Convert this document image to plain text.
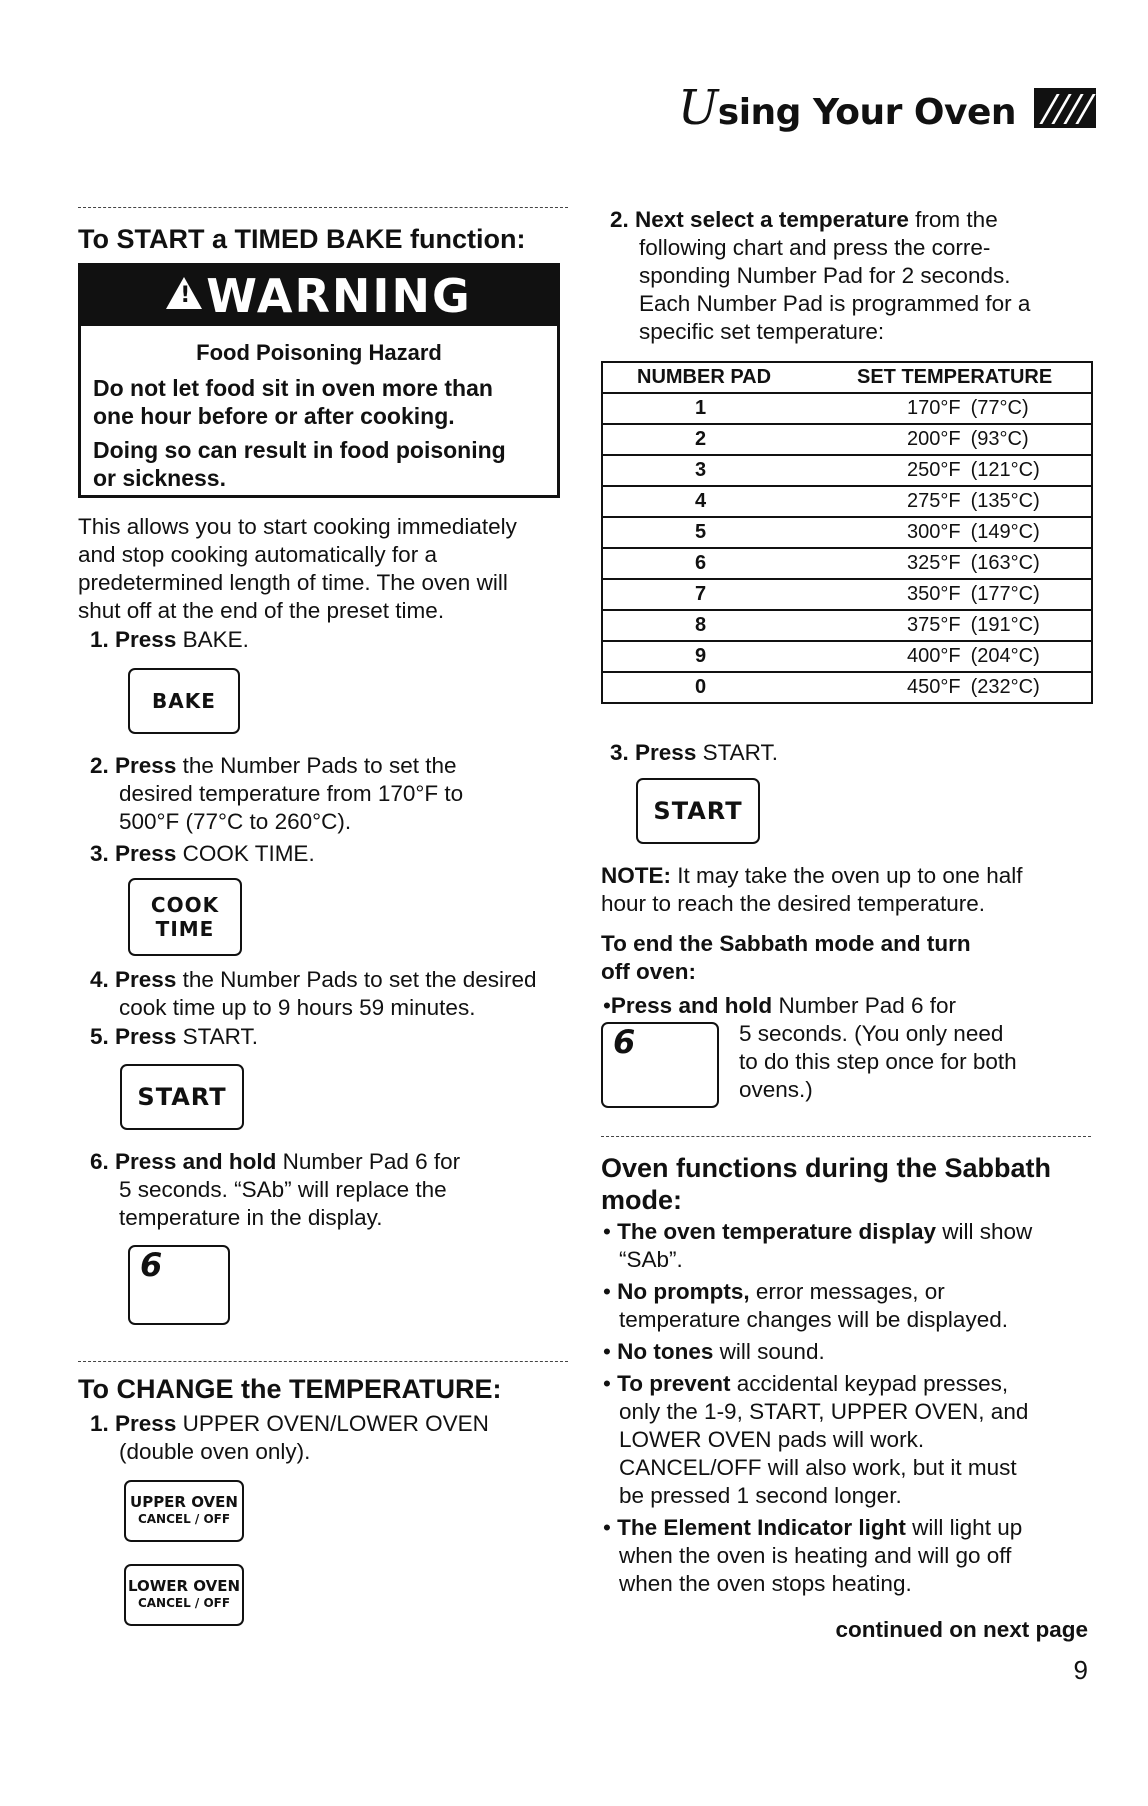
Using Your Oven
To START a TIMED BAKE function:
!
WARNING
Food Poisoning Hazard
Do not let food sit in oven more than
one hour before or after cooking.
Doing so can result in food poisoning
or sickness.
This allows you to start cooking immediately
and stop cooking automatically for a
predetermined length of time. The oven will
shut off at the end of the preset time.
1. Press BAKE.
BAKE
2. Press the Number Pads to set the
desired temperature from 170°F to
500°F (77°C to 260°C).
3. Press COOK TIME.
COOK
TIME
4. Press the Number Pads to set the desired
cook time up to 9 hours 59 minutes.
5. Press START.
START
6. Press and hold Number Pad 6 for
5 seconds. “SAb” will replace the
temperature in the display.
6
To CHANGE the TEMPERATURE:
1. Press UPPER OVEN/LOWER OVEN
(double oven only).
UPPER OVEN
CANCEL / OFF
LOWER OVEN
CANCEL / OFF
2. Next select a temperature from the
following chart and press the corre-
sponding Number Pad for 2 seconds.
Each Number Pad is programmed for a
specific set temperature:
NUMBER PAD	SET TEMPERATURE
1	170°F (77°C)
2	200°F (93°C)
3	250°F (121°C)
4	275°F (135°C)
5	300°F (149°C)
6	325°F (163°C)
7	350°F (177°C)
8	375°F (191°C)
9	400°F (204°C)
0	450°F (232°C)
3. Press START.
START
NOTE: It may take the oven up to one half
hour to reach the desired temperature.
To end the Sabbath mode and turn
off oven:
•Press and hold Number Pad 6 for
5 seconds. (You only need
to do this step once for both
ovens.)
6
Oven functions during the Sabbath
mode:
• The oven temperature display will show
“SAb”.
• No prompts, error messages, or
temperature changes will be displayed.
• No tones will sound.
• To prevent accidental keypad presses,
only the 1-9, START, UPPER OVEN, and
LOWER OVEN pads will work.
CANCEL/OFF will also work, but it must
be pressed 1 second longer.
• The Element Indicator light will light up
when the oven is heating and will go off
when the oven stops heating.
continued on next page
9
